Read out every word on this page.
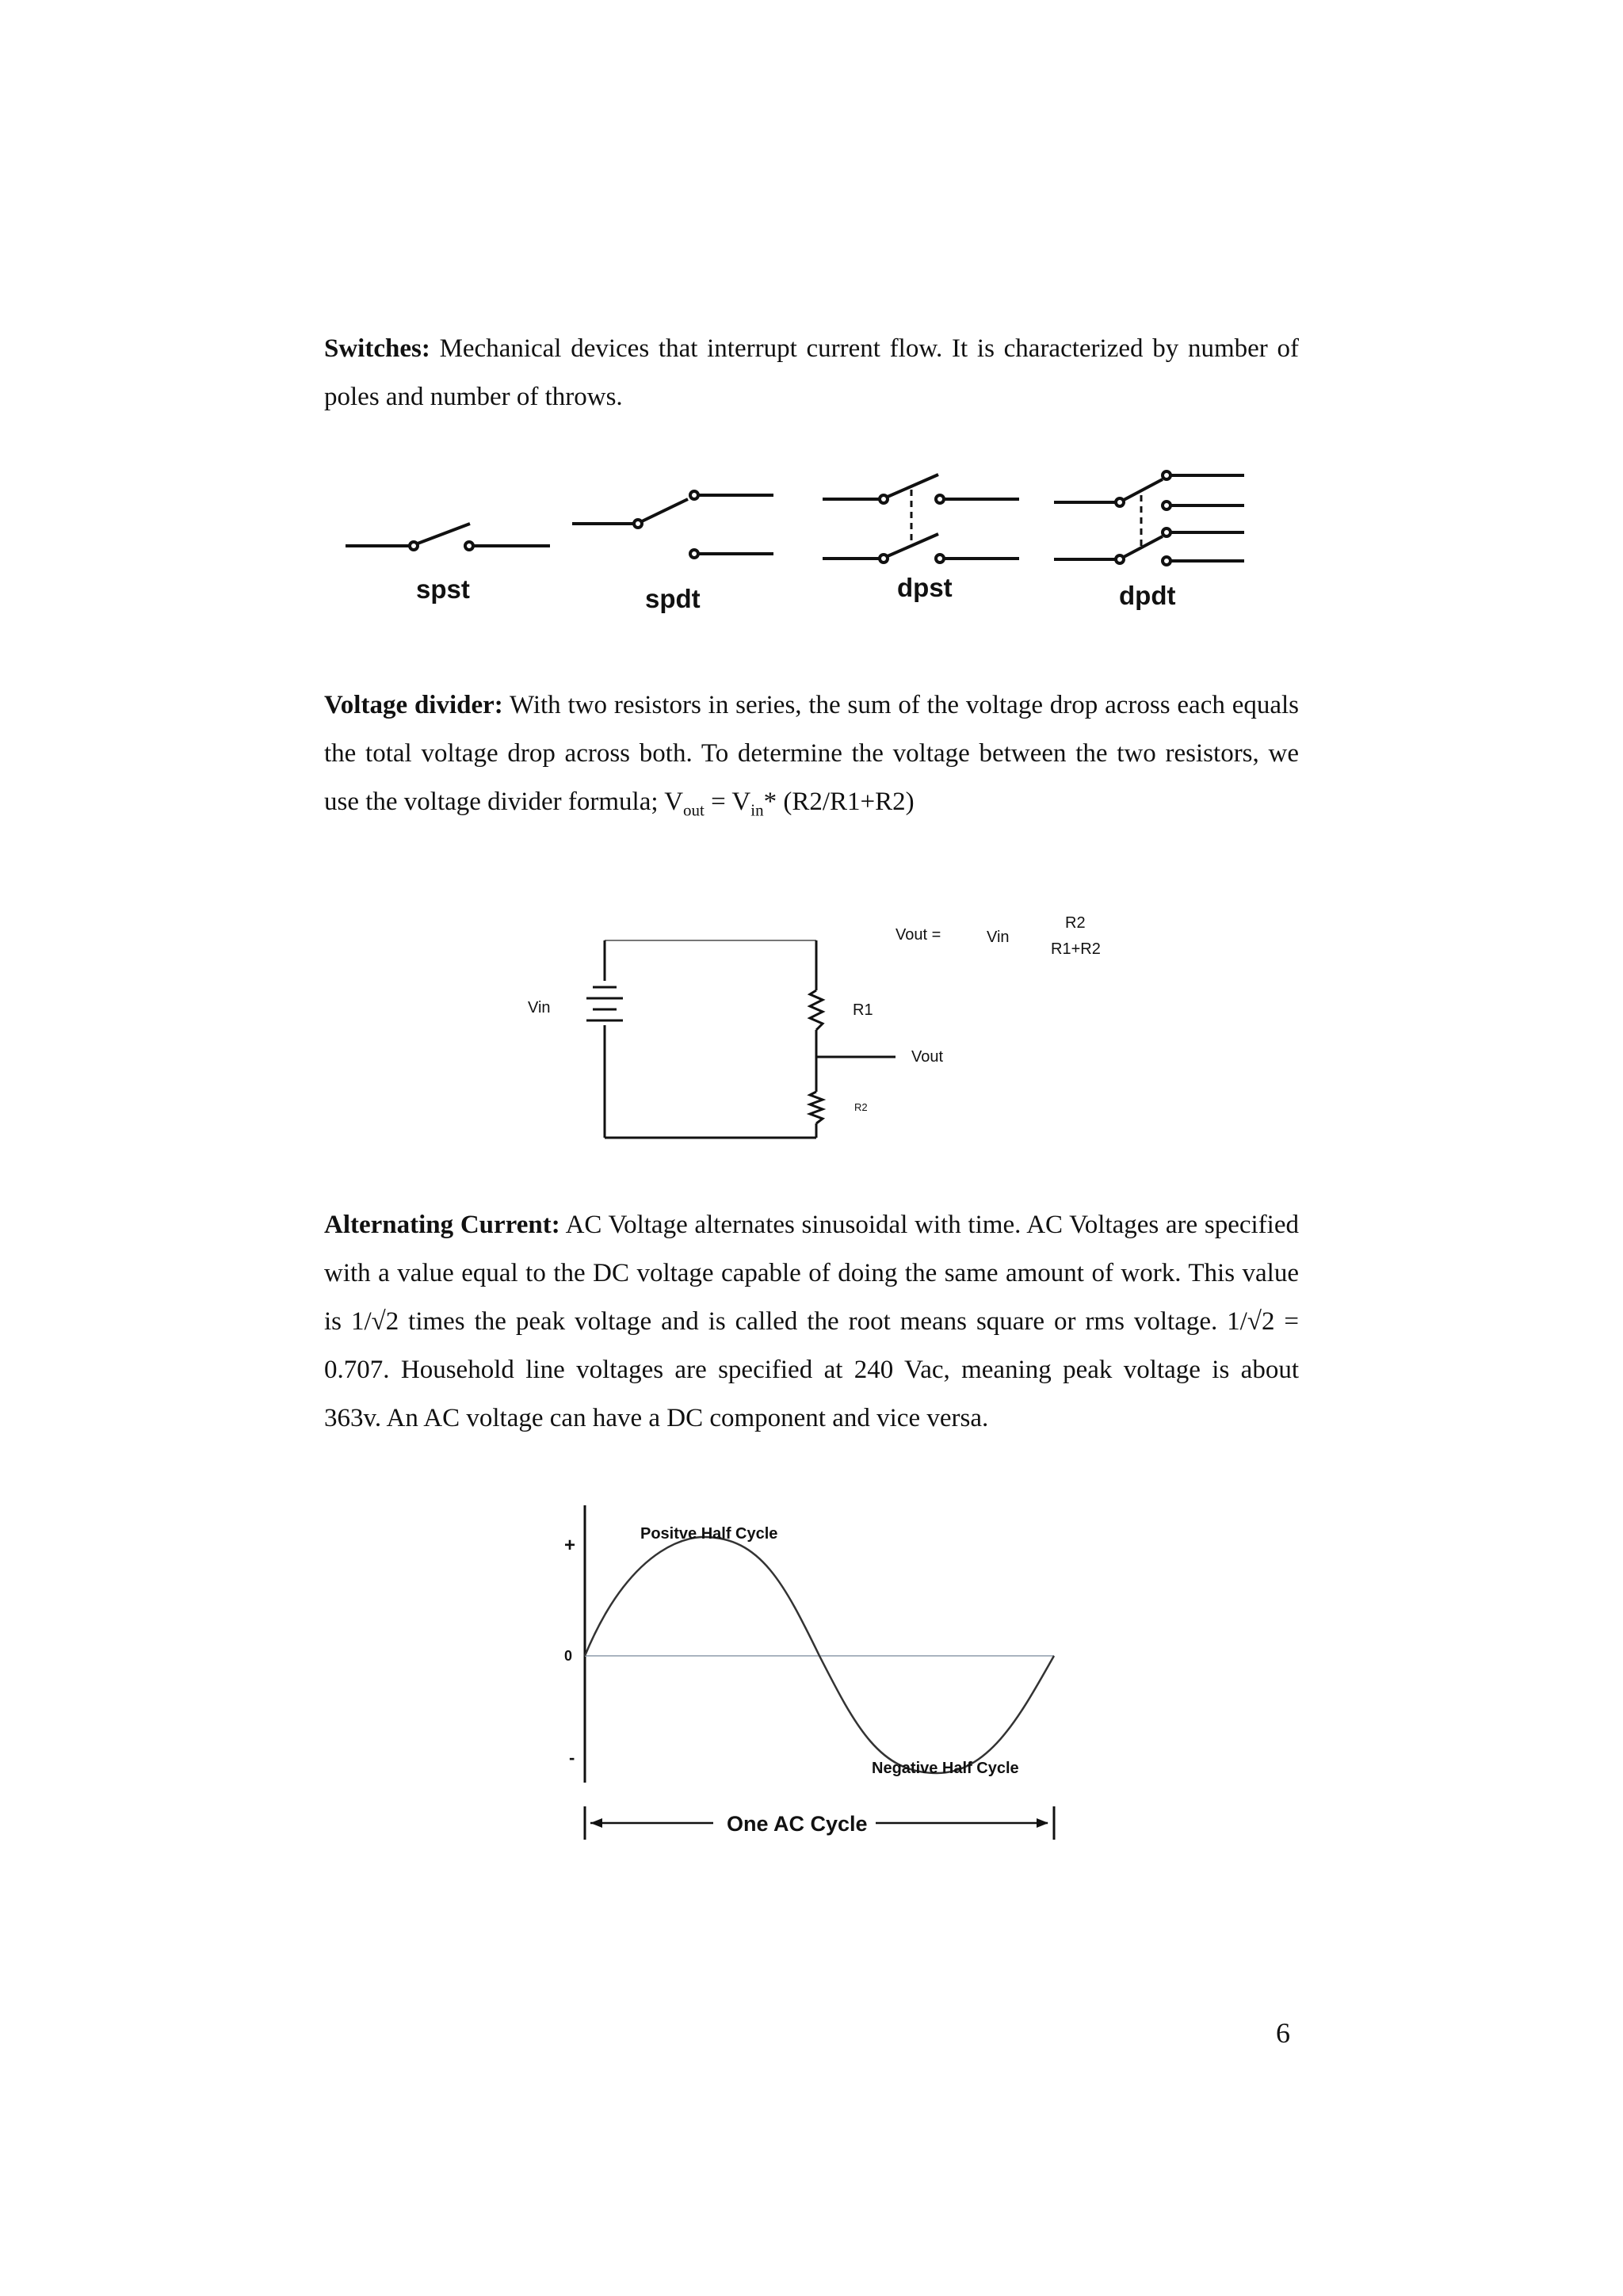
Switches: Mechanical devices that interrupt current flow. It is characterized by number of poles and number of throws.

spst	spdt	dpst	dpdt

Voltage divider: With two resistors in series, the sum of the voltage drop across each equals the total voltage drop across both. To determine the voltage between the two resistors, we use the voltage divider formula; $V_{out} = V_{in}*$ (R2/R1+R2)

Vin	R1
Vout
R2
Vout =	Vin
R2
R1+R2

Alternating Current: AC Voltage alternates sinusoidal with time. AC Voltages are specified with a value equal to the DC voltage capable of doing the same amount of work. This value is 1/√2 times the peak voltage and is called the root means square or rms voltage. 1/√2 = 0.707. Household line voltages are specified at 240 Vac, meaning peak voltage is about 363v. An AC voltage can have a DC component and vice versa.

+
0
-
Positve Half Cycle
Negative Half Cycle
One AC Cycle
6
